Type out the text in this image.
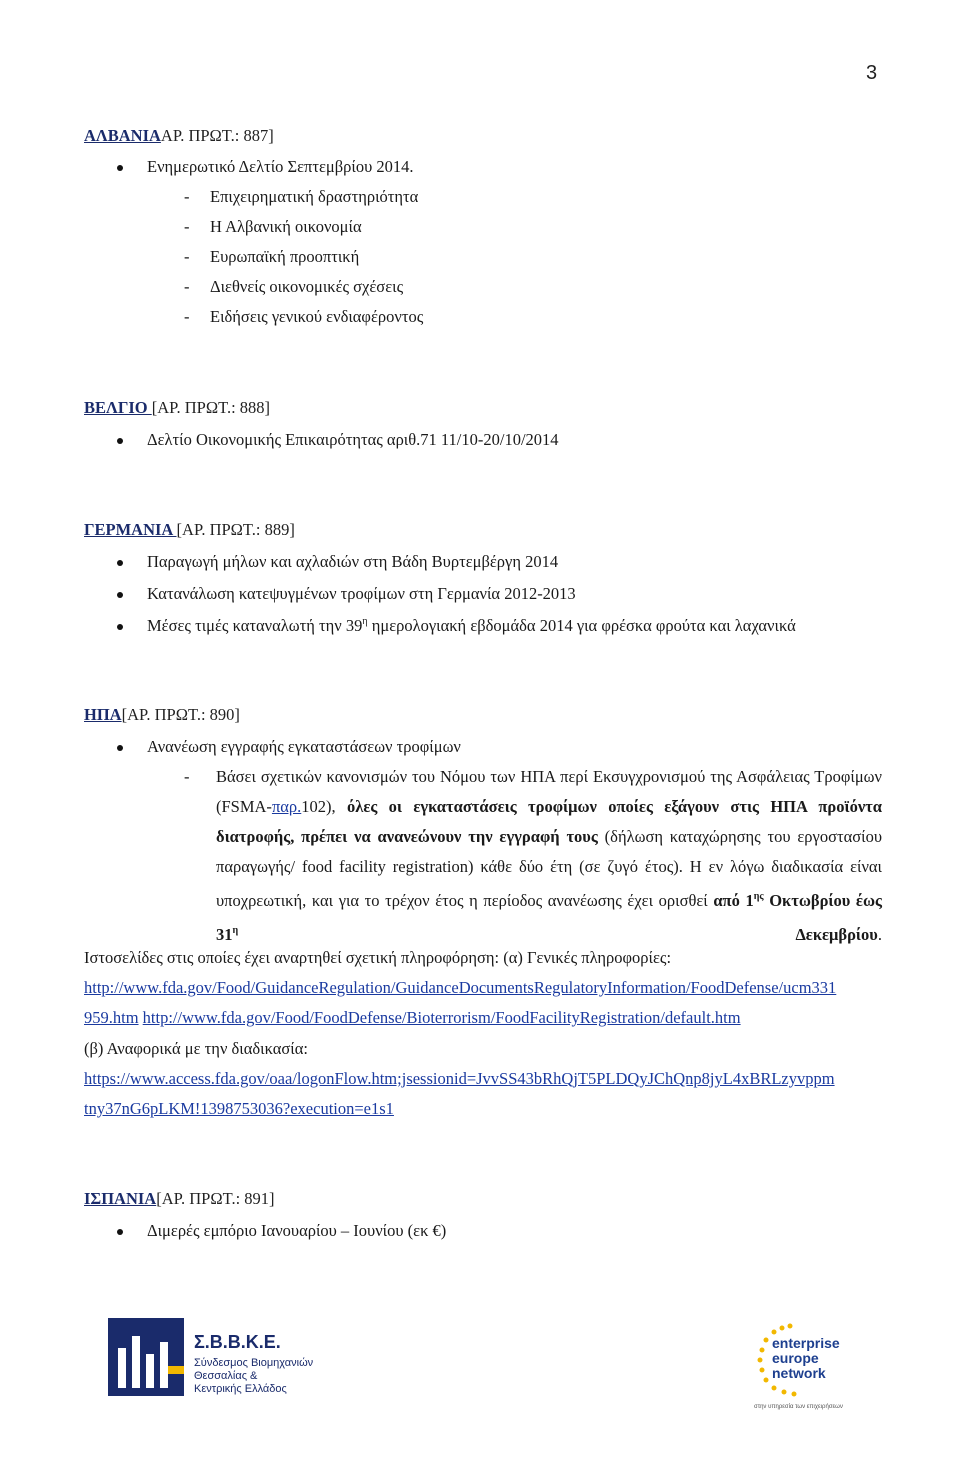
3
ΑΛΒΑΝΙΑΑΡ. ΠΡΩΤ.: 887]
Ενημερωτικό Δελτίο Σεπτεμβρίου 2014.
- Επιχειρηματική δραστηριότητα
- Η Αλβανική οικονομία
- Ευρωπαϊκή προοπτική
- Διεθνείς οικονομικές σχέσεις
- Ειδήσεις γενικού ενδιαφέροντος
ΒΕΛΓΙΟ [ΑΡ. ΠΡΩΤ.: 888]
Δελτίο Οικονομικής Επικαιρότητας αριθ.71 11/10-20/10/2014
ΓΕΡΜΑΝΙΑ [ΑΡ. ΠΡΩΤ.: 889]
Παραγωγή μήλων και αχλαδιών στη Βάδη Βυρτεμβέργη 2014
Κατανάλωση κατεψυγμένων τροφίμων στη Γερμανία 2012-2013
Μέσες τιμές καταναλωτή την $39^\eta$ ημερολογιακή εβδομάδα 2014 για φρέσκα φρούτα και λαχανικά
ΗΠΑ[ΑΡ. ΠΡΩΤ.: 890]
Ανανέωση εγγραφής εγκαταστάσεων τροφίμων
- Βάσει σχετικών κανονισμών του Νόμου των ΗΠΑ περί Εκσυγχρονισμού της Ασφάλειας Τροφίμων (FSMA-παρ.102), όλες οι εγκαταστάσεις τροφίμων οποίες εξάγουν στις ΗΠΑ προϊόντα διατροφής, πρέπει να ανανεώνουν την εγγραφή τους (δήλωση καταχώρησης του εργοστασίου παραγωγής/ food facility registration) κάθε δύο έτη (σε ζυγό έτος). Η εν λόγω διαδικασία είναι υποχρεωτική, και για το τρέχον έτος η περίοδος ανανέωσης έχει ορισθεί από $1^{\eta\varsigma}$ Οκτωβρίου έως $31^\eta$ Δεκεμβρίου.
Ιστοσελίδες στις οποίες έχει αναρτηθεί σχετική πληροφόρηση: (α) Γενικές πληροφορίες:
http://www.fda.gov/Food/GuidanceRegulation/GuidanceDocumentsRegulatoryInformation/FoodDefense/ucm331
959.htm http://www.fda.gov/Food/FoodDefense/Bioterrorism/FoodFacilityRegistration/default.htm
(β) Αναφορικά με την διαδικασία:
https://www.access.fda.gov/oaa/logonFlow.htm;jsessionid=JvvSS43bRhQjT5PLDQyJChQnp8jyL4xBRLzyvppm
tny37nG6pLKM!1398753036?execution=e1s1
ΙΣΠΑΝΙΑ[ΑΡ. ΠΡΩΤ.: 891]
Διμερές εμπόριο Ιανουαρίου – Ιουνίου (εκ €)
Σ.Β.Β.Κ.Ε.
Σύνδεσμος Βιομηχανιών
Θεσσαλίας &
Κεντρικής Ελλάδος
enterprise
europe
network
στην υπηρεσία των επιχειρήσεων
